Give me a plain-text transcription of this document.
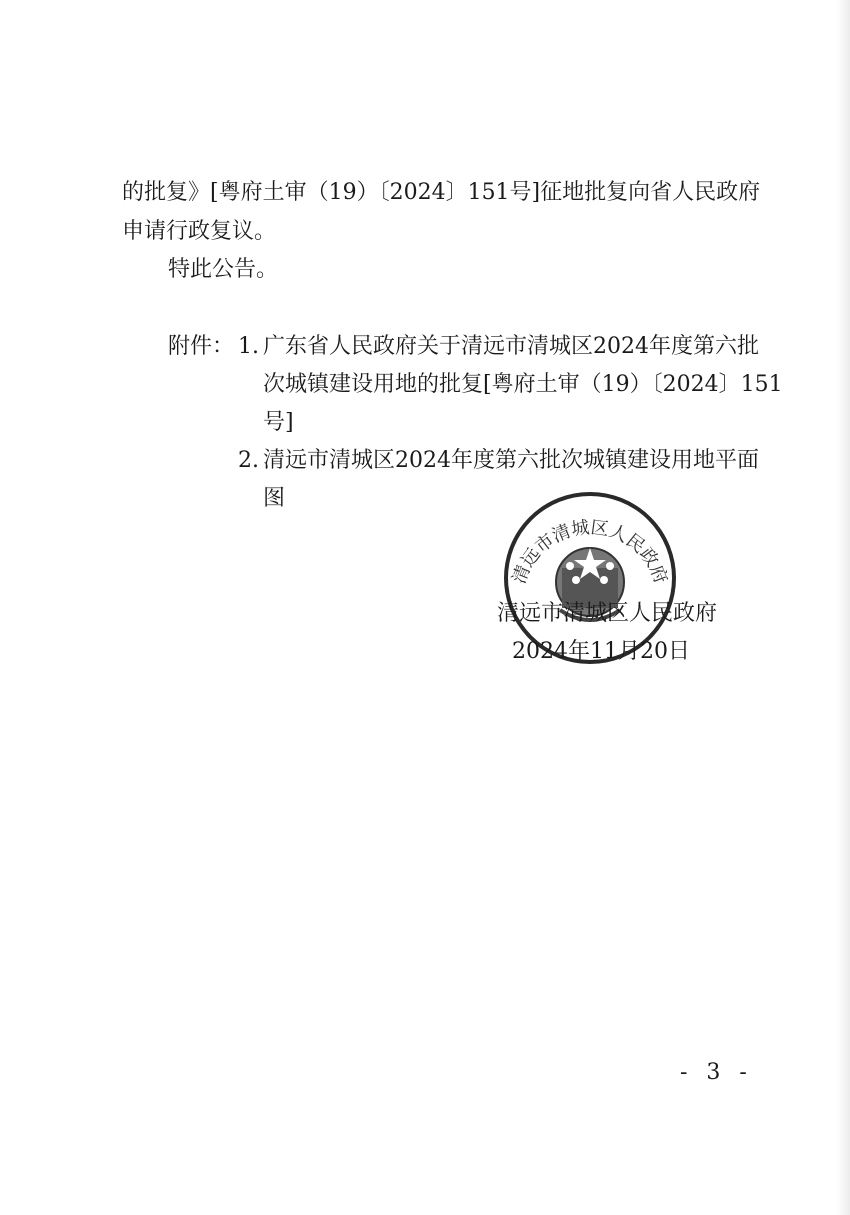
的批复》[粤府土审（19）〔2024〕151号]征地批复向省人民政府
申请行政复议。
特此公告。
附件： 1. 广东省人民政府关于清远市清城区2024年度第六批
次城镇建设用地的批复[粤府土审（19）〔2024〕151
号]
2. 清远市清城区2024年度第六批次城镇建设用地平面
图
清远市清城区人民政府
清远市清城区人民政府
2024年11月20日
- 3 -
